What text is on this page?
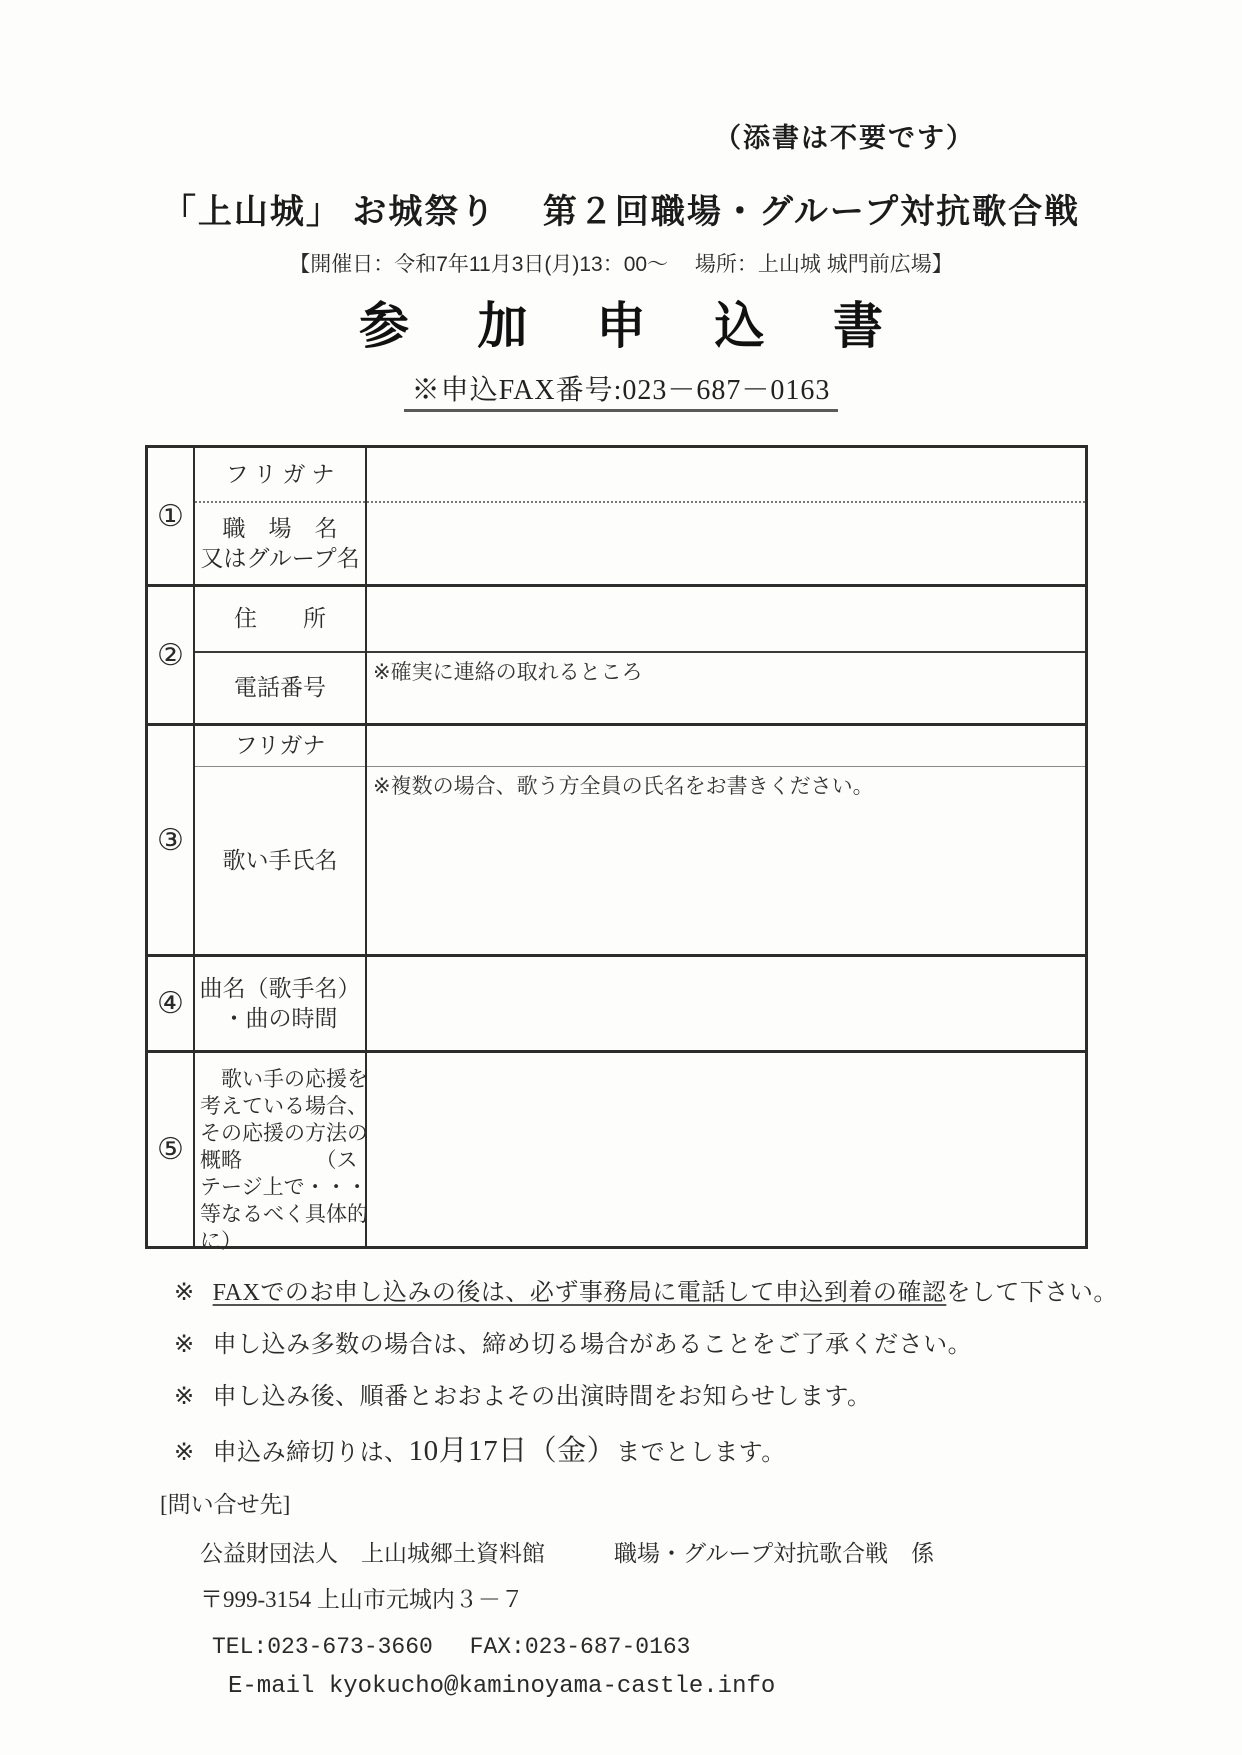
（添書は不要です）
「上山城」 お城祭り　 第２回職場・グループ対抗歌合戦
【開催日：令和7年11月3日(月)13：00～　 場所：上山城 城門前広場】
参 加 申 込 書
※申込FAX番号:023－687－0163
①
フリガナ
職　場　名
又はグループ名
②
住　　所
電話番号
※確実に連絡の取れるところ
③
フリガナ
歌い手氏名
※複数の場合、歌う方全員の氏名をお書きください。
④ 曲名（歌手名）
・曲の時間
⑤
　歌い手の応援を
考えている場合、
その応援の方法の
概略　　　　（ス
テージ上で・・・
等なるべく具体的
に）
※ FAXでのお申し込みの後は、必ず事務局に電話して申込到着の確認をして下さい。
※ 申し込み多数の場合は、締め切る場合があることをご了承ください。
※ 申し込み後、順番とおおよその出演時間をお知らせします。
※ 申込み締切りは、10月17日（金）までとします。
[問い合せ先]
公益財団法人　上山城郷土資料館　　　職場・グループ対抗歌合戦　係
〒999-3154 上山市元城内３－７
TEL:023-673-3660　 FAX:023-687-0163
E-mail kyokucho@kaminoyama-castle.info
